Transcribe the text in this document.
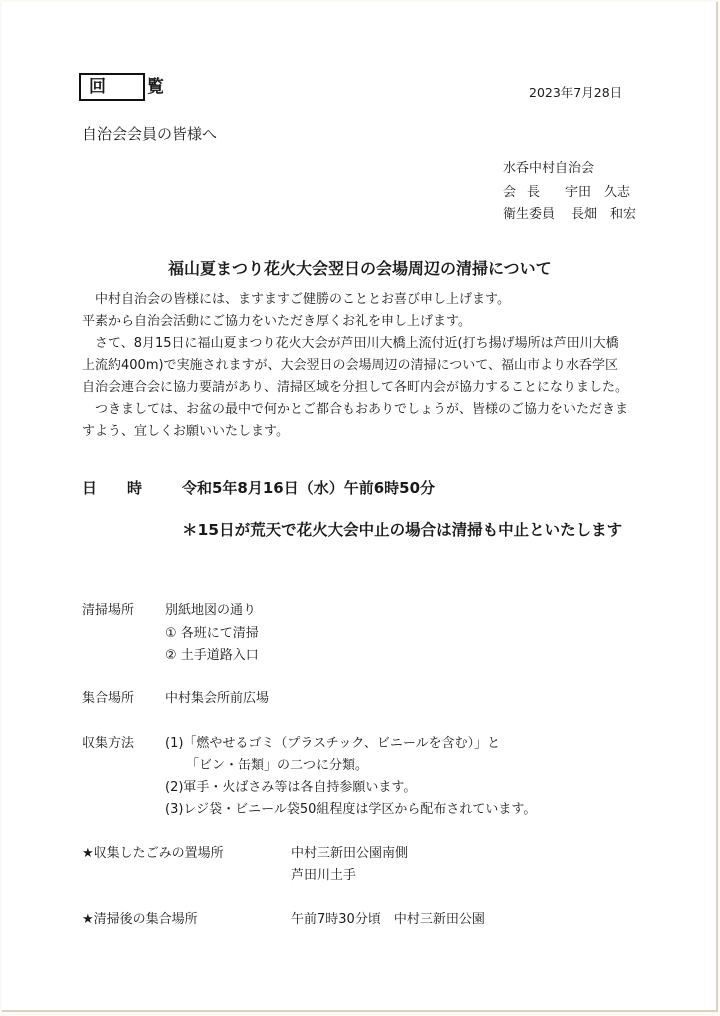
回　覧	2023年7月28日
自治会会員の皆様へ
水呑中村自治会
会長 宇田　久志
衛生委員 長畑　和宏
福山夏まつり花火大会翌日の会場周辺の清掃について
　中村自治会の皆様には、ますますご健勝のこととお喜び申し上げます。
平素から自治会活動にご協力をいただき厚くお礼を申し上げます。
　さて、8月15日に福山夏まつり花火大会が芦田川大橋上流付近(打ち揚げ場所は芦田川大橋
上流約400m)で実施されますが、大会翌日の会場周辺の清掃について、福山市より水呑学区
自治会連合会に協力要請があり、清掃区域を分担して各町内会が協力することになりました。
　つきましては、お盆の最中で何かとご都合もおありでしょうが、皆様のご協力をいただきま
すよう、宜しくお願いいたします。
日時 令和5年8月16日（水）午前6時50分
＊15日が荒天で花火大会中止の場合は清掃も中止といたします
清掃場所 別紙地図の通り
① 各班にて清掃
② 土手道路入口
集合場所 中村集会所前広場
収集方法 (1)「燃やせるゴミ（プラスチック、ビニールを含む）」と
「ビン・缶類」の二つに分類。
(2)軍手・火ばさみ等は各自持参願います。
(3)レジ袋・ビニール袋50組程度は学区から配布されています。
★収集したごみの置場所	中村三新田公園南側
芦田川土手
★清掃後の集合場所	午前7時30分頃　中村三新田公園
